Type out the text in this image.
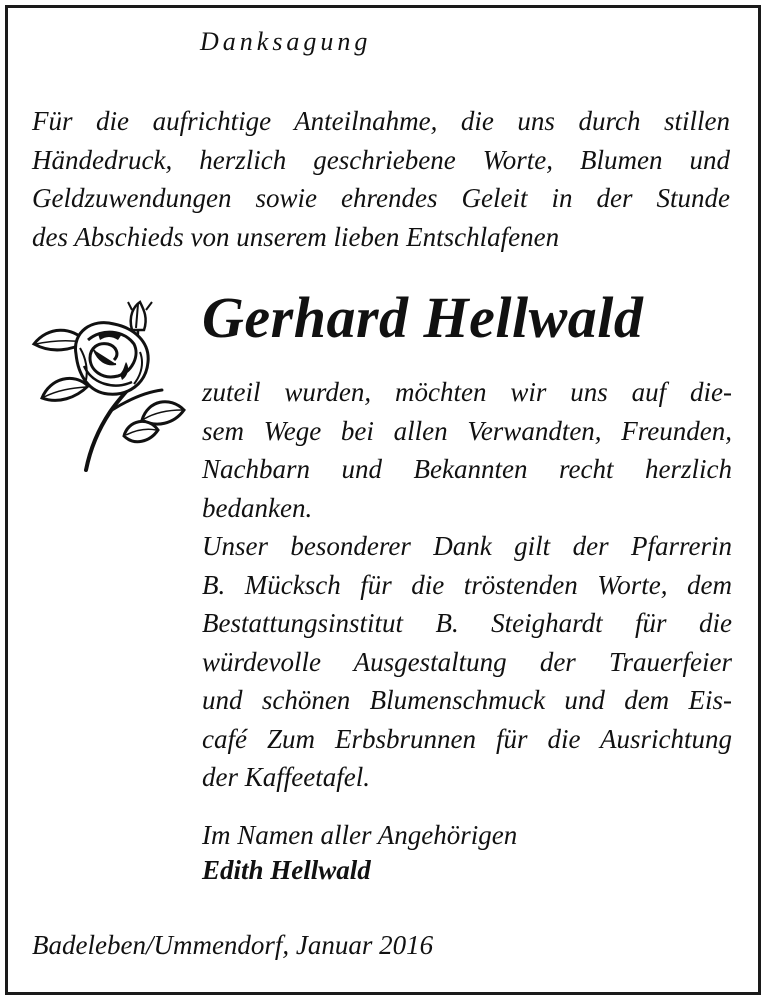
Danksagung
Für die aufrichtige Anteilnahme, die uns durch stillen
Händedruck, herzlich geschriebene Worte, Blumen und
Geldzuwendungen sowie ehrendes Geleit in der Stunde
des Abschieds von unserem lieben Entschlafenen
Gerhard Hellwald
zuteil wurden, möchten wir uns auf die-
sem Wege bei allen Verwandten, Freunden,
Nachbarn und Bekannten recht herzlich
bedanken.
Unser besonderer Dank gilt der Pfarrerin
B. Mücksch für die tröstenden Worte, dem
Bestattungsinstitut B. Steighardt für die
würdevolle Ausgestaltung der Trauerfeier
und schönen Blumenschmuck und dem Eis-
café Zum Erbsbrunnen für die Ausrichtung
der Kaffeetafel.
Im Namen aller Angehörigen
Edith Hellwald
Badeleben/Ummendorf, Januar 2016
